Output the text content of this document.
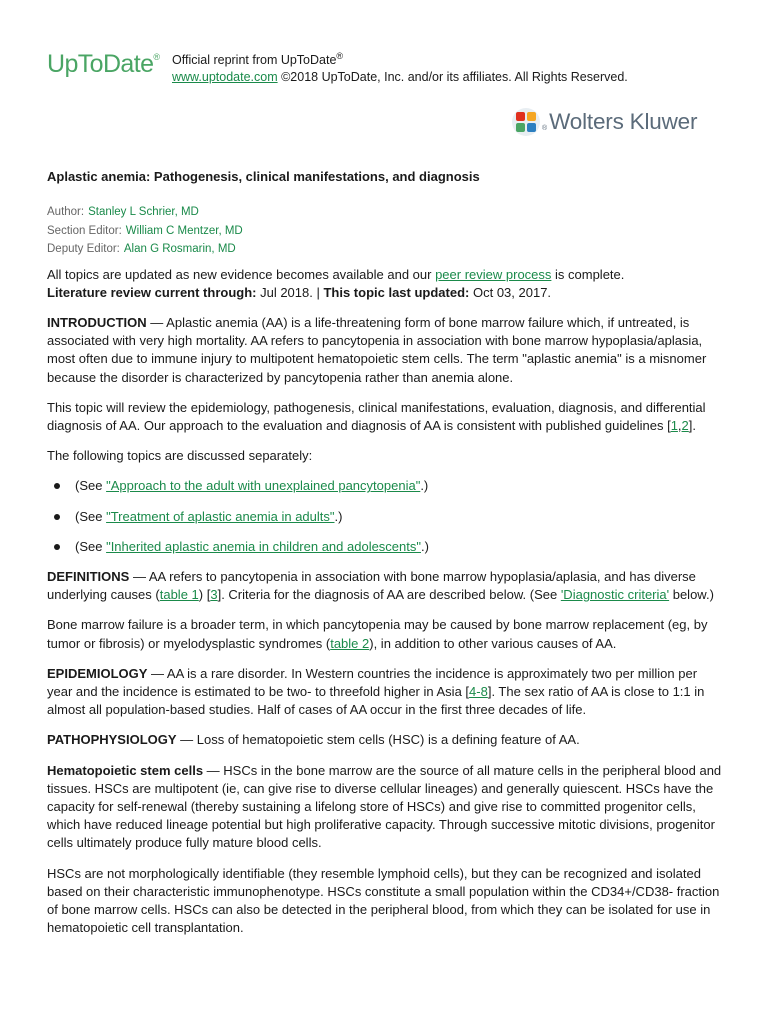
UpToDate® Official reprint from UpToDate®
www.uptodate.com ©2018 UpToDate, Inc. and/or its affiliates. All Rights Reserved.
® Wolters Kluwer
Aplastic anemia: Pathogenesis, clinical manifestations, and diagnosis
Author: Stanley L Schrier, MD
Section Editor: William C Mentzer, MD
Deputy Editor: Alan G Rosmarin, MD

All topics are updated as new evidence becomes available and our peer review process is complete.
Literature review current through: Jul 2018. | This topic last updated: Oct 03, 2017.

INTRODUCTION — Aplastic anemia (AA) is a life-threatening form of bone marrow failure which, if untreated, is associated with very high mortality. AA refers to pancytopenia in association with bone marrow hypoplasia/aplasia, most often due to immune injury to multipotent hematopoietic stem cells. The term "aplastic anemia" is a misnomer because the disorder is characterized by pancytopenia rather than anemia alone.

This topic will review the epidemiology, pathogenesis, clinical manifestations, evaluation, diagnosis, and differential diagnosis of AA. Our approach to the evaluation and diagnosis of AA is consistent with published guidelines [1,2].

The following topics are discussed separately:

(See "Approach to the adult with unexplained pancytopenia".)
(See "Treatment of aplastic anemia in adults".)
(See "Inherited aplastic anemia in children and adolescents".)

DEFINITIONS — AA refers to pancytopenia in association with bone marrow hypoplasia/aplasia, and has diverse underlying causes (table 1) [3]. Criteria for the diagnosis of AA are described below. (See 'Diagnostic criteria' below.)

Bone marrow failure is a broader term, in which pancytopenia may be caused by bone marrow replacement (eg, by tumor or fibrosis) or myelodysplastic syndromes (table 2), in addition to other various causes of AA.

EPIDEMIOLOGY — AA is a rare disorder. In Western countries the incidence is approximately two per million per year and the incidence is estimated to be two- to threefold higher in Asia [4-8]. The sex ratio of AA is close to 1:1 in almost all population-based studies. Half of cases of AA occur in the first three decades of life.

PATHOPHYSIOLOGY — Loss of hematopoietic stem cells (HSC) is a defining feature of AA.

Hematopoietic stem cells — HSCs in the bone marrow are the source of all mature cells in the peripheral blood and tissues. HSCs are multipotent (ie, can give rise to diverse cellular lineages) and generally quiescent. HSCs have the capacity for self-renewal (thereby sustaining a lifelong store of HSCs) and give rise to committed progenitor cells, which have reduced lineage potential but high proliferative capacity. Through successive mitotic divisions, progenitor cells ultimately produce fully mature blood cells.

HSCs are not morphologically identifiable (they resemble lymphoid cells), but they can be recognized and isolated based on their characteristic immunophenotype. HSCs constitute a small population within the CD34+/CD38- fraction of bone marrow cells. HSCs can also be detected in the peripheral blood, from which they can be isolated for use in hematopoietic cell transplantation.
